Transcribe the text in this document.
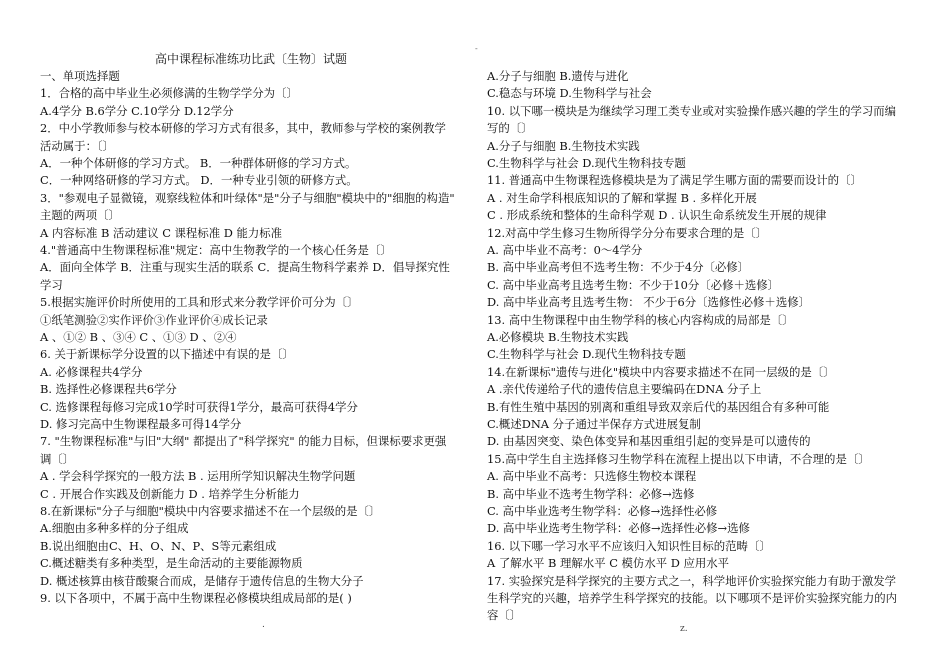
高中课程标准练功比武〔生物〕试题
-
一、单项选择题
1．合格的高中毕业生必须修满的生物学学分为〔〕
A.4学分 B.6学分 C.10学分 D.12学分
2．中小学教师参与校本研修的学习方式有很多，其中，教师参与学校的案例教学
活动属于：〔〕
A．一种个体研修的学习方式。 B．一种群体研修的学习方式。
C．一种网络研修的学习方式。 D．一种专业引领的研修方式。
3．"参观电子显微镜，观察线粒体和叶绿体"是"分子与细胞"模块中的"细胞的构造"
主题的两项〔〕
A 内容标准 B 活动建议 C 课程标准 D 能力标准
4."普通高中生物课程标准"规定：高中生物教学的一个核心任务是〔〕
A．面向全体学 B．注重与现实生活的联系 C．提高生物科学素养 D．倡导探究性
学习
5.根据实施评价时所使用的工具和形式来分教学评价可分为〔〕
①纸笔测验②实作评价③作业评价④成长记录
A 、①② B 、③④ C 、①③ D 、②④
6. 关于新课标学分设置的以下描述中有误的是〔〕
A. 必修课程共4学分
B. 选择性必修课程共6学分
C. 选修课程每修习完成10学时可获得1学分，最高可获得4学分
D. 修习完高中生物课程最多可得14学分
7. "生物课程标准"与旧"大纲" 都提出了"科学探究" 的能力目标，但课标要求更强
调〔〕
A . 学会科学探究的一般方法 B . 运用所学知识解决生物学问题
C . 开展合作实践及创新能力 D . 培养学生分析能力
8.在新课标"分子与细胞"模块中内容要求描述不在一个层级的是〔〕
A.细胞由多种多样的分子组成
B.说出细胞由C、H、O、N、P、S等元素组成
C.概述糖类有多种类型，是生命活动的主要能源物质
D. 概述核算由核苷酸聚合而成，是储存于遗传信息的生物大分子
9. 以下各项中，不属于高中生物课程必修模块组成局部的是( )
A.分子与细胞 B.遗传与进化
C.稳态与环境 D.生物科学与社会
10. 以下哪一模块是为继续学习理工类专业或对实验操作感兴趣的学生的学习而编
写的〔〕
A.分子与细胞 B.生物技术实践
C.生物科学与社会 D.现代生物科技专题
11. 普通高中生物课程选修模块是为了满足学生哪方面的需要而设计的〔〕
A . 对生命学科根底知识的了解和掌握 B . 多样化开展
C . 形成系统和整体的生命科学观 D . 认识生命系统发生开展的规律
12.对高中学生修习生物所得学分分布要求合理的是〔〕
A. 高中毕业不高考：0～4学分
B. 高中毕业高考但不选考生物：不少于4分〔必修〕
C. 高中毕业高考且选考生物：不少于10分〔必修＋选修〕
D. 高中毕业高考且选考生物： 不少于6分〔选修性必修＋选修〕
13. 高中生物课程中由生物学科的核心内容构成的局部是〔〕
A.必修模块 B.生物技术实践
C.生物科学与社会 D.现代生物科技专题
14.在新课标"遗传与进化"模块中内容要求描述不在同一层级的是〔〕
A .亲代传递给子代的遗传信息主要编码在DNA 分子上
B.有性生殖中基因的别离和重组导致双亲后代的基因组合有多种可能
C.概述DNA 分子通过半保存方式进展复制
D. 由基因突变、染色体变异和基因重组引起的变异是可以遗传的
15.高中学生自主选择修习生物学科在流程上提出以下申请，不合理的是〔〕
A. 高中毕业不高考：只选修生物校本课程
B. 高中毕业不选考生物学科：必修→选修
C. 高中毕业选考生物学科：必修→选择性必修
D. 高中毕业选考生物学科：必修→选择性必修→选修
16. 以下哪一学习水平不应该归入知识性目标的范畴〔〕
A 了解水平 B 理解水平 C 模仿水平 D 应用水平
17. 实验探究是科学探究的主要方式之一，科学地评价实验探究能力有助于激发学
生科学究的兴趣，培养学生科学探究的技能。以下哪项不是评价实验探究能力的内
容〔〕
.	z.
